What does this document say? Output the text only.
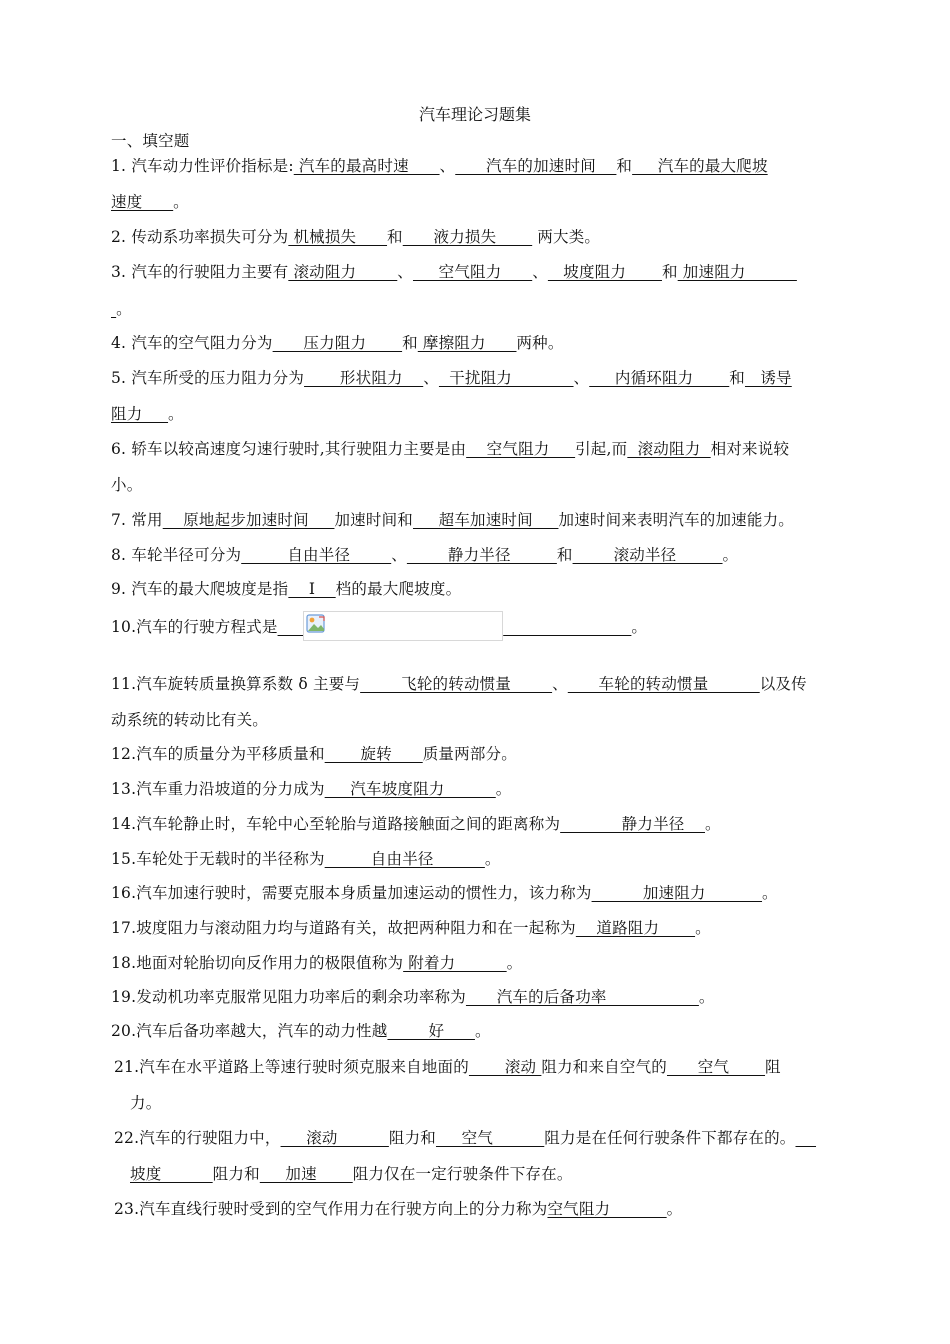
汽车理论习题集
一、填空题
1. 汽车动力性评价指标是: 汽车的最高时速      、      汽车的加速时间    和     汽车的最大爬坡
速度      。
2. 传动系功率损失可分为 机械损失      和      液力损失        两大类。
3. 汽车的行驶阻力主要有 滚动阻力        、     空气阻力      、   坡度阻力       和 加速阻力
。
4. 汽车的空气阻力分为      压力阻力       和 摩擦阻力      两种。
5. 汽车所受的压力阻力分为       形状阻力    、  干扰阻力            、     内循环阻力       和   诱导
阻力     。
6. 轿车以较高速度匀速行驶时,其行驶阻力主要是由    空气阻力     引起,而  滚动阻力  相对来说较
小。
7. 常用    原地起步加速时间     加速时间和     超车加速时间     加速时间来表明汽车的加速能力。
8. 车轮半径可分为         自由半径        、        静力半径         和        滚动半径         。
9. 汽车的最大爬坡度是指    Ⅰ    档的最大爬坡度。
10.汽车的行驶方程式是	。
11.汽车旋转质量换算系数 δ 主要与        飞轮的转动惯量        、      车轮的转动惯量          以及传
动系统的转动比有关。
12.汽车的质量分为平移质量和       旋转      质量两部分。
13.汽车重力沿坡道的分力成为     汽车坡度阻力          。
14.汽车轮静止时，车轮中心至轮胎与道路接触面之间的距离称为            静力半径    。
15.车轮处于无载时的半径称为         自由半径          。
16.汽车加速行驶时，需要克服本身质量加速运动的惯性力，该力称为          加速阻力           。
17.坡度阻力与滚动阻力均与道路有关，故把两种阻力和在一起称为    道路阻力       。
18.地面对轮胎切向反作用力的极限值称为 附着力          。
19.发动机功率克服常见阻力功率后的剩余功率称为      汽车的后备功率                  。
20.汽车后备功率越大，汽车的动力性越        好      。
21.汽车在水平道路上等速行驶时须克服来自地面的       滚动 阻力和来自空气的      空气       阻
力。
22.汽车的行驶阻力中，     滚动          阻力和     空气          阻力是在任何行驶条件下都存在的。
坡度          阻力和     加速       阻力仅在一定行驶条件下存在。
23.汽车直线行驶时受到的空气作用力在行驶方向上的分力称为空气阻力           。
